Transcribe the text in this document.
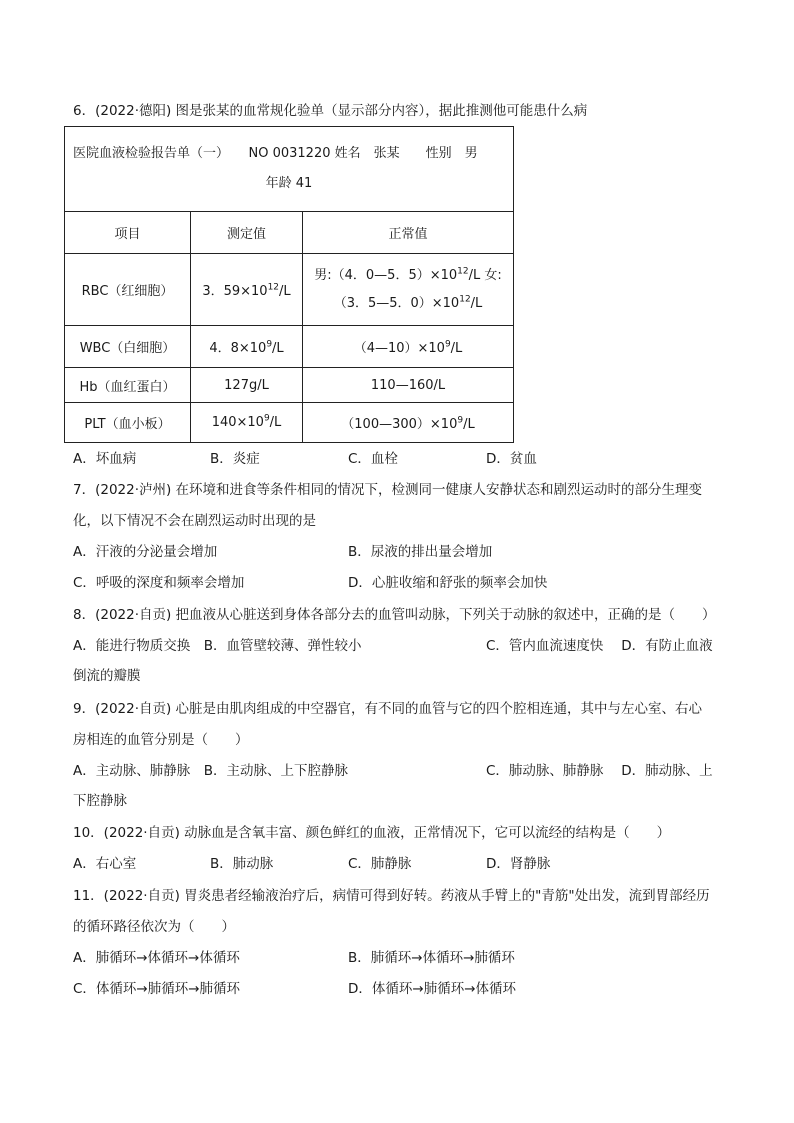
6．(2022·德阳) 图是张某的血常规化验单（显示部分内容），据此推测他可能患什么病
医院血液检验报告单（一）　　NO 0031220 姓名　张某　　性别　男
年龄 41		

项目	测定值	正常值
RBC（红细胞）	3．$59\times 10^{12}/L$	男:（4．0—5．$5)\times 10^{12}/L$ 女:
（3．5—5．$0)\times 10^{12}/L$

WBC（白细胞）	4．$8\times 10^9/L$	$(4—10)\times 10^9/L$
Hb（血红蛋白）	127g/L	110—160/L
PLT（血小板）	$140\times 10^9/L$	$(100—300)\times 10^9/L$
A．坏血病	B．炎症	C．血栓	D．贫血
7．(2022·泸州) 在环境和进食等条件相同的情况下，检测同一健康人安静状态和剧烈运动时的部分生理变
化，以下情况不会在剧烈运动时出现的是
A．汗液的分泌量会增加	B．尿液的排出量会增加
C．呼吸的深度和频率会增加	D．心脏收缩和舒张的频率会加快
8．(2022·自贡) 把血液从心脏送到身体各部分去的血管叫动脉，下列关于动脉的叙述中，正确的是（　　）
A．能进行物质交换　B．血管壁较薄、弹性较小	C．管内血流速度快　 D．有防止血液
倒流的瓣膜
9．(2022·自贡) 心脏是由肌肉组成的中空器官，有不同的血管与它的四个腔相连通，其中与左心室、右心
房相连的血管分别是（　　）
A．主动脉、肺静脉　B．主动脉、上下腔静脉	C．肺动脉、肺静脉　 D．肺动脉、上
下腔静脉
10．(2022·自贡) 动脉血是含氧丰富、颜色鲜红的血液，正常情况下，它可以流经的结构是（　　）
A．右心室	B．肺动脉	C．肺静脉	D．肾静脉
11．(2022·自贡) 胃炎患者经输液治疗后，病情可得到好转。药液从手臂上的"青筋"处出发，流到胃部经历
的循环路径依次为（　　）
A．肺循环→体循环→体循环	B．肺循环→体循环→肺循环
C．体循环→肺循环→肺循环	D．体循环→肺循环→体循环
